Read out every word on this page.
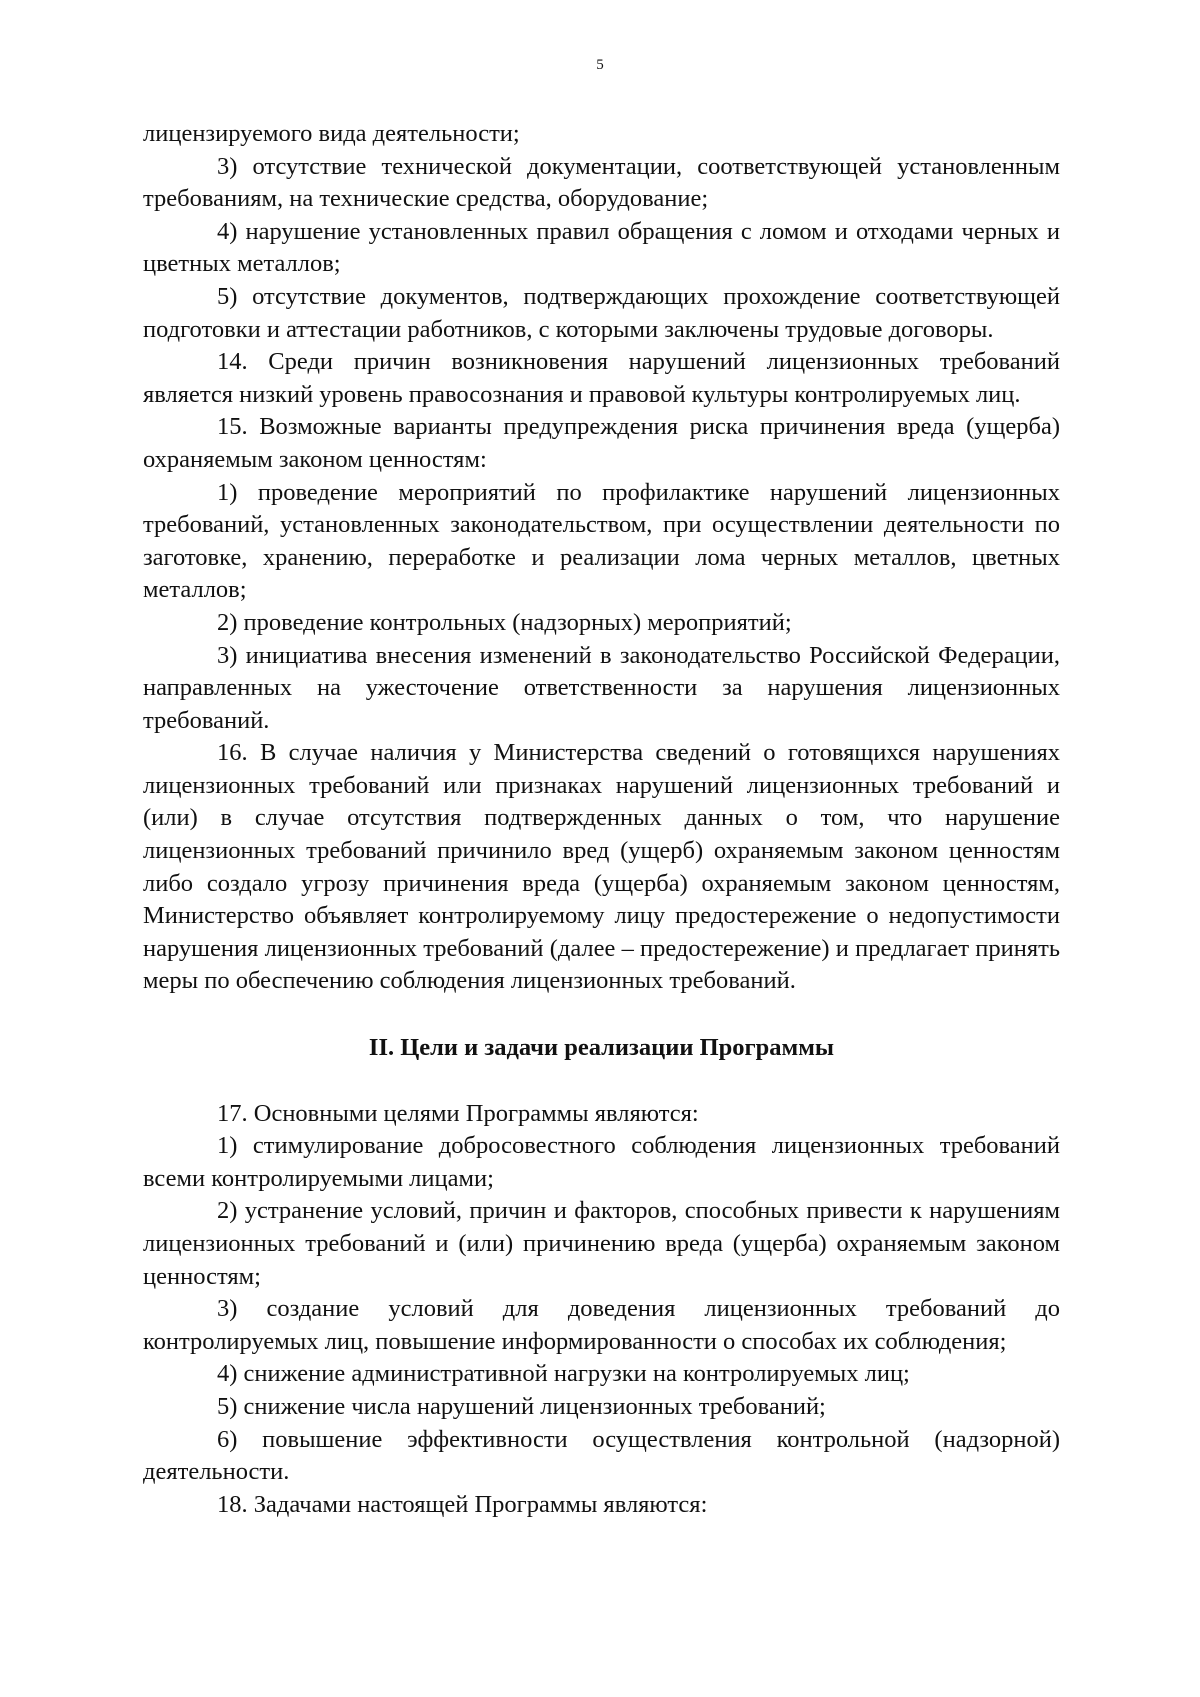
5

лицензируемого вида деятельности;

3) отсутствие технической документации, соответствующей установленным требованиям, на технические средства, оборудование;

4) нарушение установленных правил обращения с ломом и отходами черных и цветных металлов;

5) отсутствие документов, подтверждающих прохождение соответствующей подготовки и аттестации работников, с которыми заключены трудовые договоры.

14. Среди причин возникновения нарушений лицензионных требований является низкий уровень правосознания и правовой культуры контролируемых лиц.

15. Возможные варианты предупреждения риска причинения вреда (ущерба) охраняемым законом ценностям:

1) проведение мероприятий по профилактике нарушений лицензионных требований, установленных законодательством, при осуществлении деятельности по заготовке, хранению, переработке и реализации лома черных металлов, цветных металлов;

2) проведение контрольных (надзорных) мероприятий;

3) инициатива внесения изменений в законодательство Российской Федерации, направленных на ужесточение ответственности за нарушения лицензионных требований.

16. В случае наличия у Министерства сведений о готовящихся нарушениях лицензионных требований или признаках нарушений лицензионных требований и (или) в случае отсутствия подтвержденных данных о том, что нарушение лицензионных требований причинило вред (ущерб) охраняемым законом ценностям либо создало угрозу причинения вреда (ущерба) охраняемым законом ценностям, Министерство объявляет контролируемому лицу предостережение о недопустимости нарушения лицензионных требований (далее – предостережение) и предлагает принять меры по обеспечению соблюдения лицензионных требований.

II. Цели и задачи реализации Программы

17. Основными целями Программы являются:

1) стимулирование добросовестного соблюдения лицензионных требований всеми контролируемыми лицами;

2) устранение условий, причин и факторов, способных привести к нарушениям лицензионных требований и (или) причинению вреда (ущерба) охраняемым законом ценностям;

3) создание условий для доведения лицензионных требований до контролируемых лиц, повышение информированности о способах их соблюдения;

4) снижение административной нагрузки на контролируемых лиц;

5) снижение числа нарушений лицензионных требований;

6) повышение эффективности осуществления контрольной (надзорной) деятельности.

18. Задачами настоящей Программы являются:
